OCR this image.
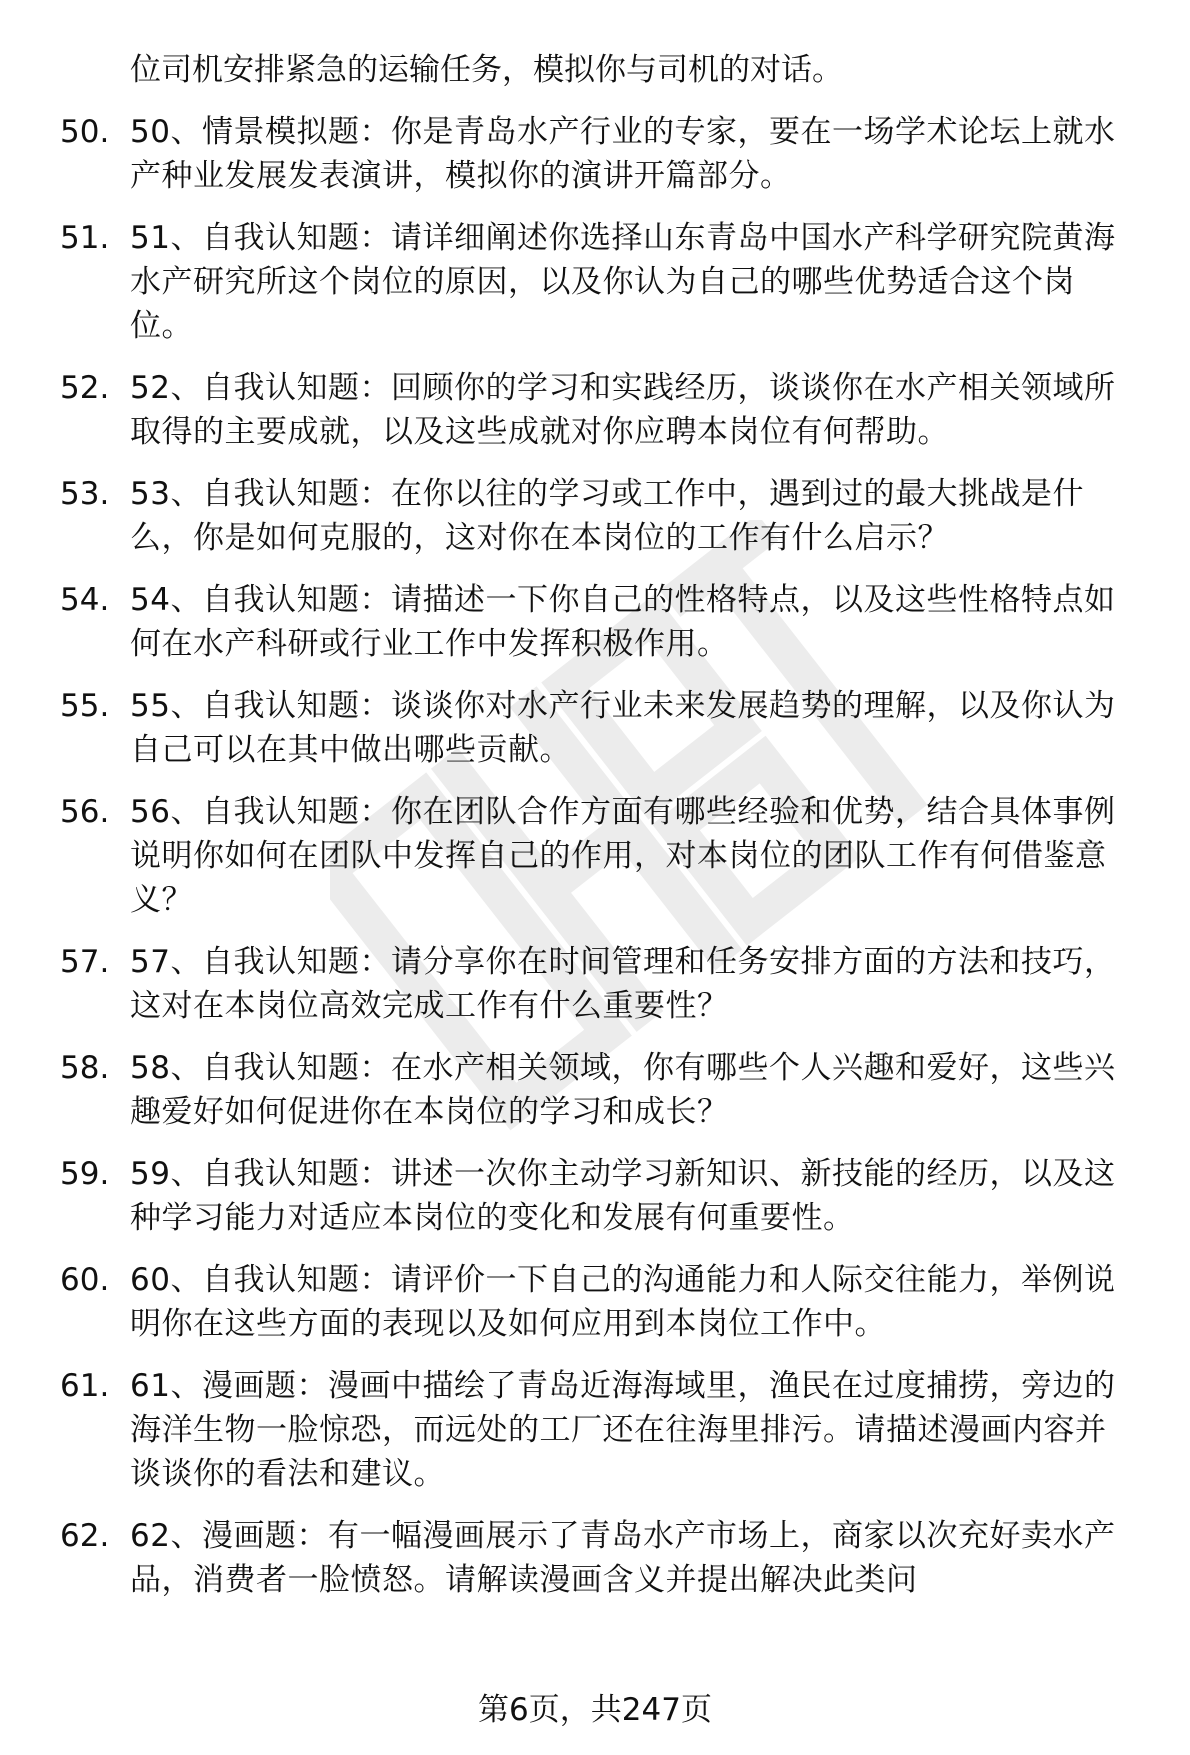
位司机安排紧急的运输任务，模拟你与司机的对话。

50. 50、情景模拟题：你是青岛水产行业的专家，要在一场学术论坛上就水产种业发展发表演讲，模拟你的演讲开篇部分。
51. 51、自我认知题：请详细阐述你选择山东青岛中国水产科学研究院黄海水产研究所这个岗位的原因，以及你认为自己的哪些优势适合这个岗位。
52. 52、自我认知题：回顾你的学习和实践经历，谈谈你在水产相关领域所取得的主要成就，以及这些成就对你应聘本岗位有何帮助。
53. 53、自我认知题：在你以往的学习或工作中，遇到过的最大挑战是什么，你是如何克服的，这对你在本岗位的工作有什么启示？
54. 54、自我认知题：请描述一下你自己的性格特点，以及这些性格特点如何在水产科研或行业工作中发挥积极作用。
55. 55、自我认知题：谈谈你对水产行业未来发展趋势的理解，以及你认为自己可以在其中做出哪些贡献。
56. 56、自我认知题：你在团队合作方面有哪些经验和优势，结合具体事例说明你如何在团队中发挥自己的作用，对本岗位的团队工作有何借鉴意义？
57. 57、自我认知题：请分享你在时间管理和任务安排方面的方法和技巧，这对在本岗位高效完成工作有什么重要性？
58. 58、自我认知题：在水产相关领域，你有哪些个人兴趣和爱好，这些兴趣爱好如何促进你在本岗位的学习和成长？
59. 59、自我认知题：讲述一次你主动学习新知识、新技能的经历，以及这种学习能力对适应本岗位的变化和发展有何重要性。
60. 60、自我认知题：请评价一下自己的沟通能力和人际交往能力，举例说明你在这些方面的表现以及如何应用到本岗位工作中。
61. 61、漫画题：漫画中描绘了青岛近海海域里，渔民在过度捕捞，旁边的海洋生物一脸惊恐，而远处的工厂还在往海里排污。请描述漫画内容并谈谈你的看法和建议。
62. 62、漫画题：有一幅漫画展示了青岛水产市场上，商家以次充好卖水产品，消费者一脸愤怒。请解读漫画含义并提出解决此类问
第6页，共247页
